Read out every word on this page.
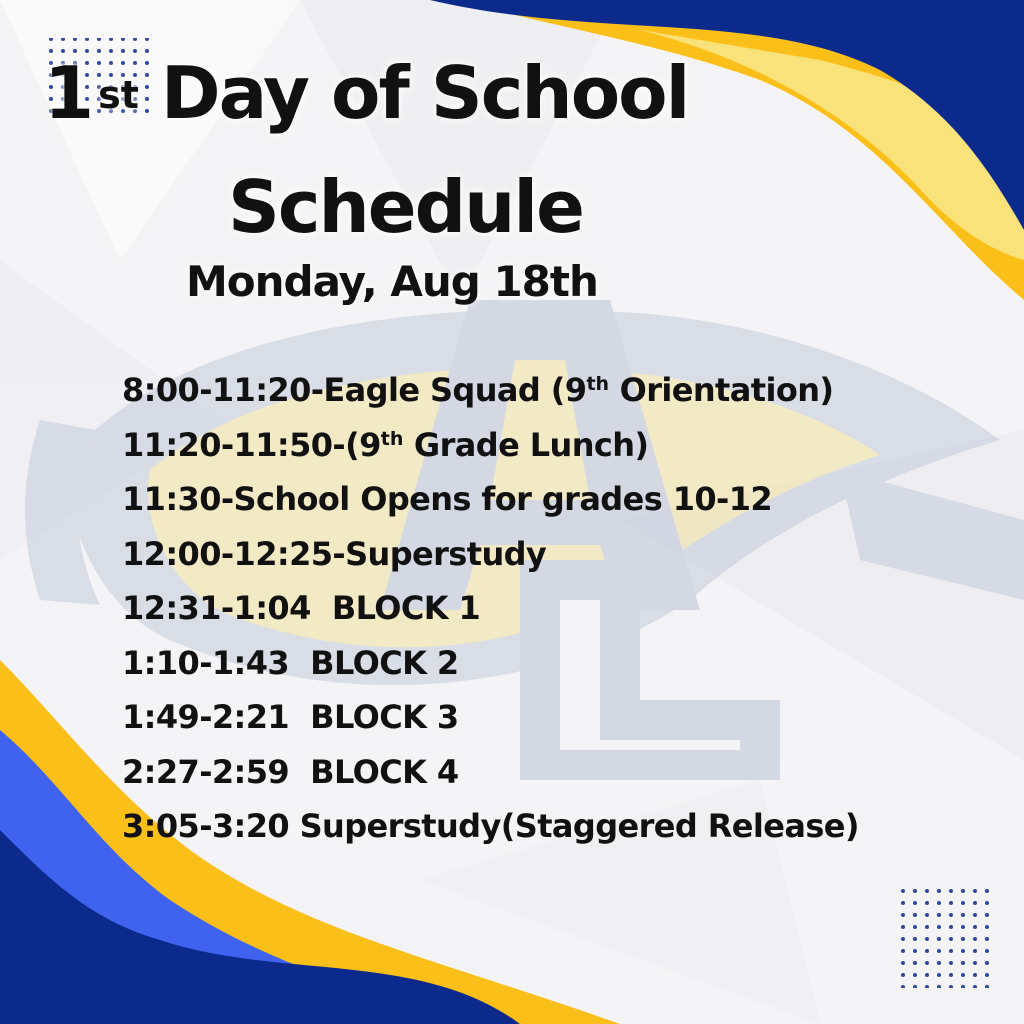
1 $^{st}$ Day of School
Schedule
Monday, Aug 18th
8:00-11:20-Eagle Squad (9th Orientation)
11:20-11:50-(9th Grade Lunch)
11:30-School Opens for grades 10-12
12:00-12:25-Superstudy
12:31-1:04  BLOCK 1
1:10-1:43  BLOCK 2
1:49-2:21  BLOCK 3
2:27-2:59  BLOCK 4
3:05-3:20 Superstudy(Staggered Release)
